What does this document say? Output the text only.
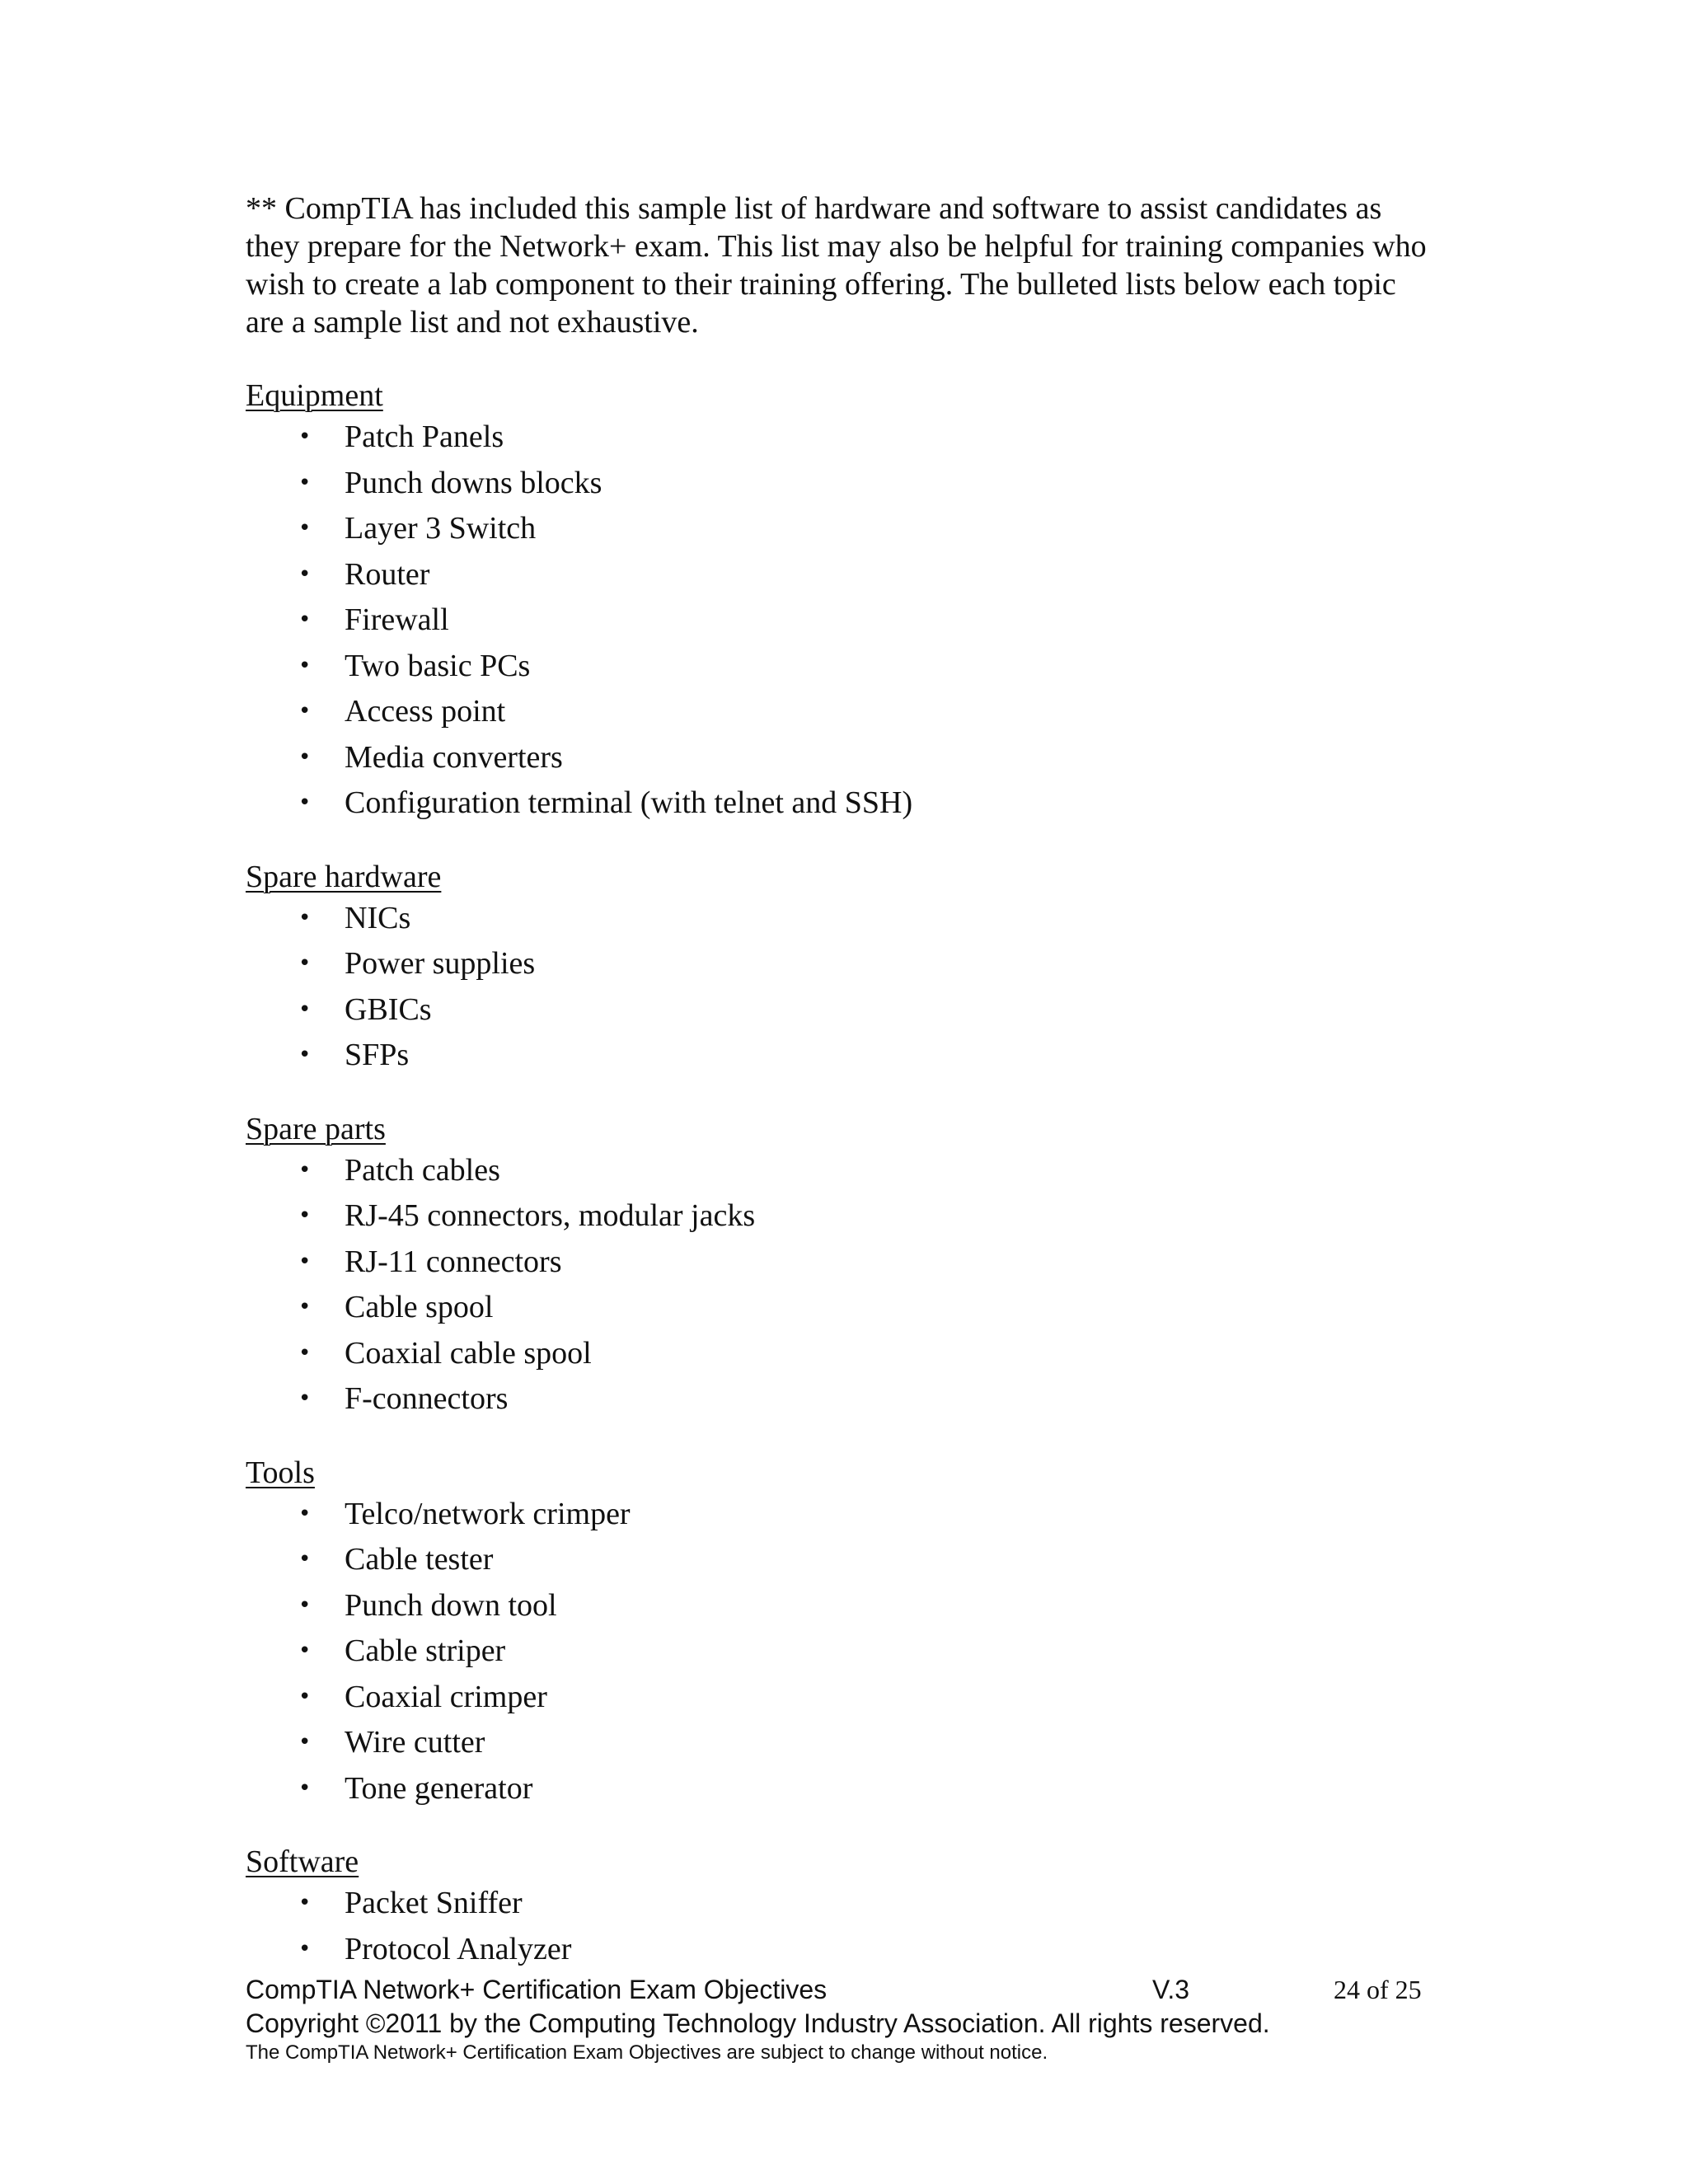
** CompTIA has included this sample list of hardware and software to assist candidates as they prepare for the Network+ exam. This list may also be helpful for training companies who wish to create a lab component to their training offering. The bulleted lists below each topic are a sample list and not exhaustive.

Equipment
• Patch Panels
• Punch downs blocks
• Layer 3 Switch
• Router
• Firewall
• Two basic PCs
• Access point
• Media converters
• Configuration terminal (with telnet and SSH)
Spare hardware
• NICs
• Power supplies
• GBICs
• SFPs
Spare parts
• Patch cables
• RJ-45 connectors, modular jacks
• RJ-11 connectors
• Cable spool
• Coaxial cable spool
• F-connectors
Tools
• Telco/network crimper
• Cable tester
• Punch down tool
• Cable striper
• Coaxial crimper
• Wire cutter
• Tone generator
Software
• Packet Sniffer
• Protocol Analyzer
CompTIA Network+ Certification Exam Objectives	V.3	24 of 25
Copyright ©2011 by the Computing Technology Industry Association. All rights reserved.
The CompTIA Network+ Certification Exam Objectives are subject to change without notice.
